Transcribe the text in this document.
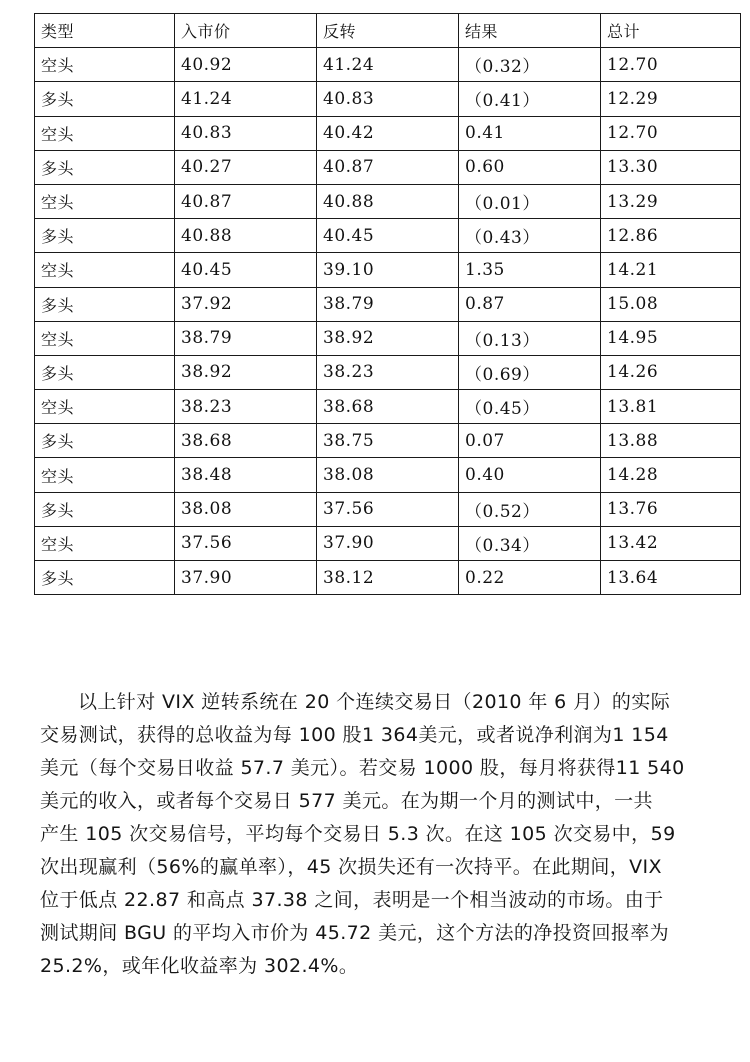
类型	入市价	反转	结果	总计
空头	40.92	41.24	（0.32）	12.70
多头	41.24	40.83	（0.41）	12.29
空头	40.83	40.42	0.41	12.70
多头	40.27	40.87	0.60	13.30
空头	40.87	40.88	（0.01）	13.29
多头	40.88	40.45	（0.43）	12.86
空头	40.45	39.10	1.35	14.21
多头	37.92	38.79	0.87	15.08
空头	38.79	38.92	（0.13）	14.95
多头	38.92	38.23	（0.69）	14.26
空头	38.23	38.68	（0.45）	13.81
多头	38.68	38.75	0.07	13.88
空头	38.48	38.08	0.40	14.28
多头	38.08	37.56	（0.52）	13.76
空头	37.56	37.90	（0.34）	13.42
多头	37.90	38.12	0.22	13.64

以上针对 VIX 逆转系统在 20 个连续交易日（2010 年 6 月）的实际

交易测试，获得的总收益为每 100 股1 364美元，或者说净利润为1 154

美元（每个交易日收益 57.7 美元）。若交易 1000 股，每月将获得11 540

美元的收入，或者每个交易日 577 美元。在为期一个月的测试中，一共

产生 105 次交易信号，平均每个交易日 5.3 次。在这 105 次交易中，59

次出现赢利（56%的赢单率），45 次损失还有一次持平。在此期间，VIX

位于低点 22.87 和高点 37.38 之间，表明是一个相当波动的市场。由于

测试期间 BGU 的平均入市价为 45.72 美元，这个方法的净投资回报率为

25.2%，或年化收益率为 302.4%。
